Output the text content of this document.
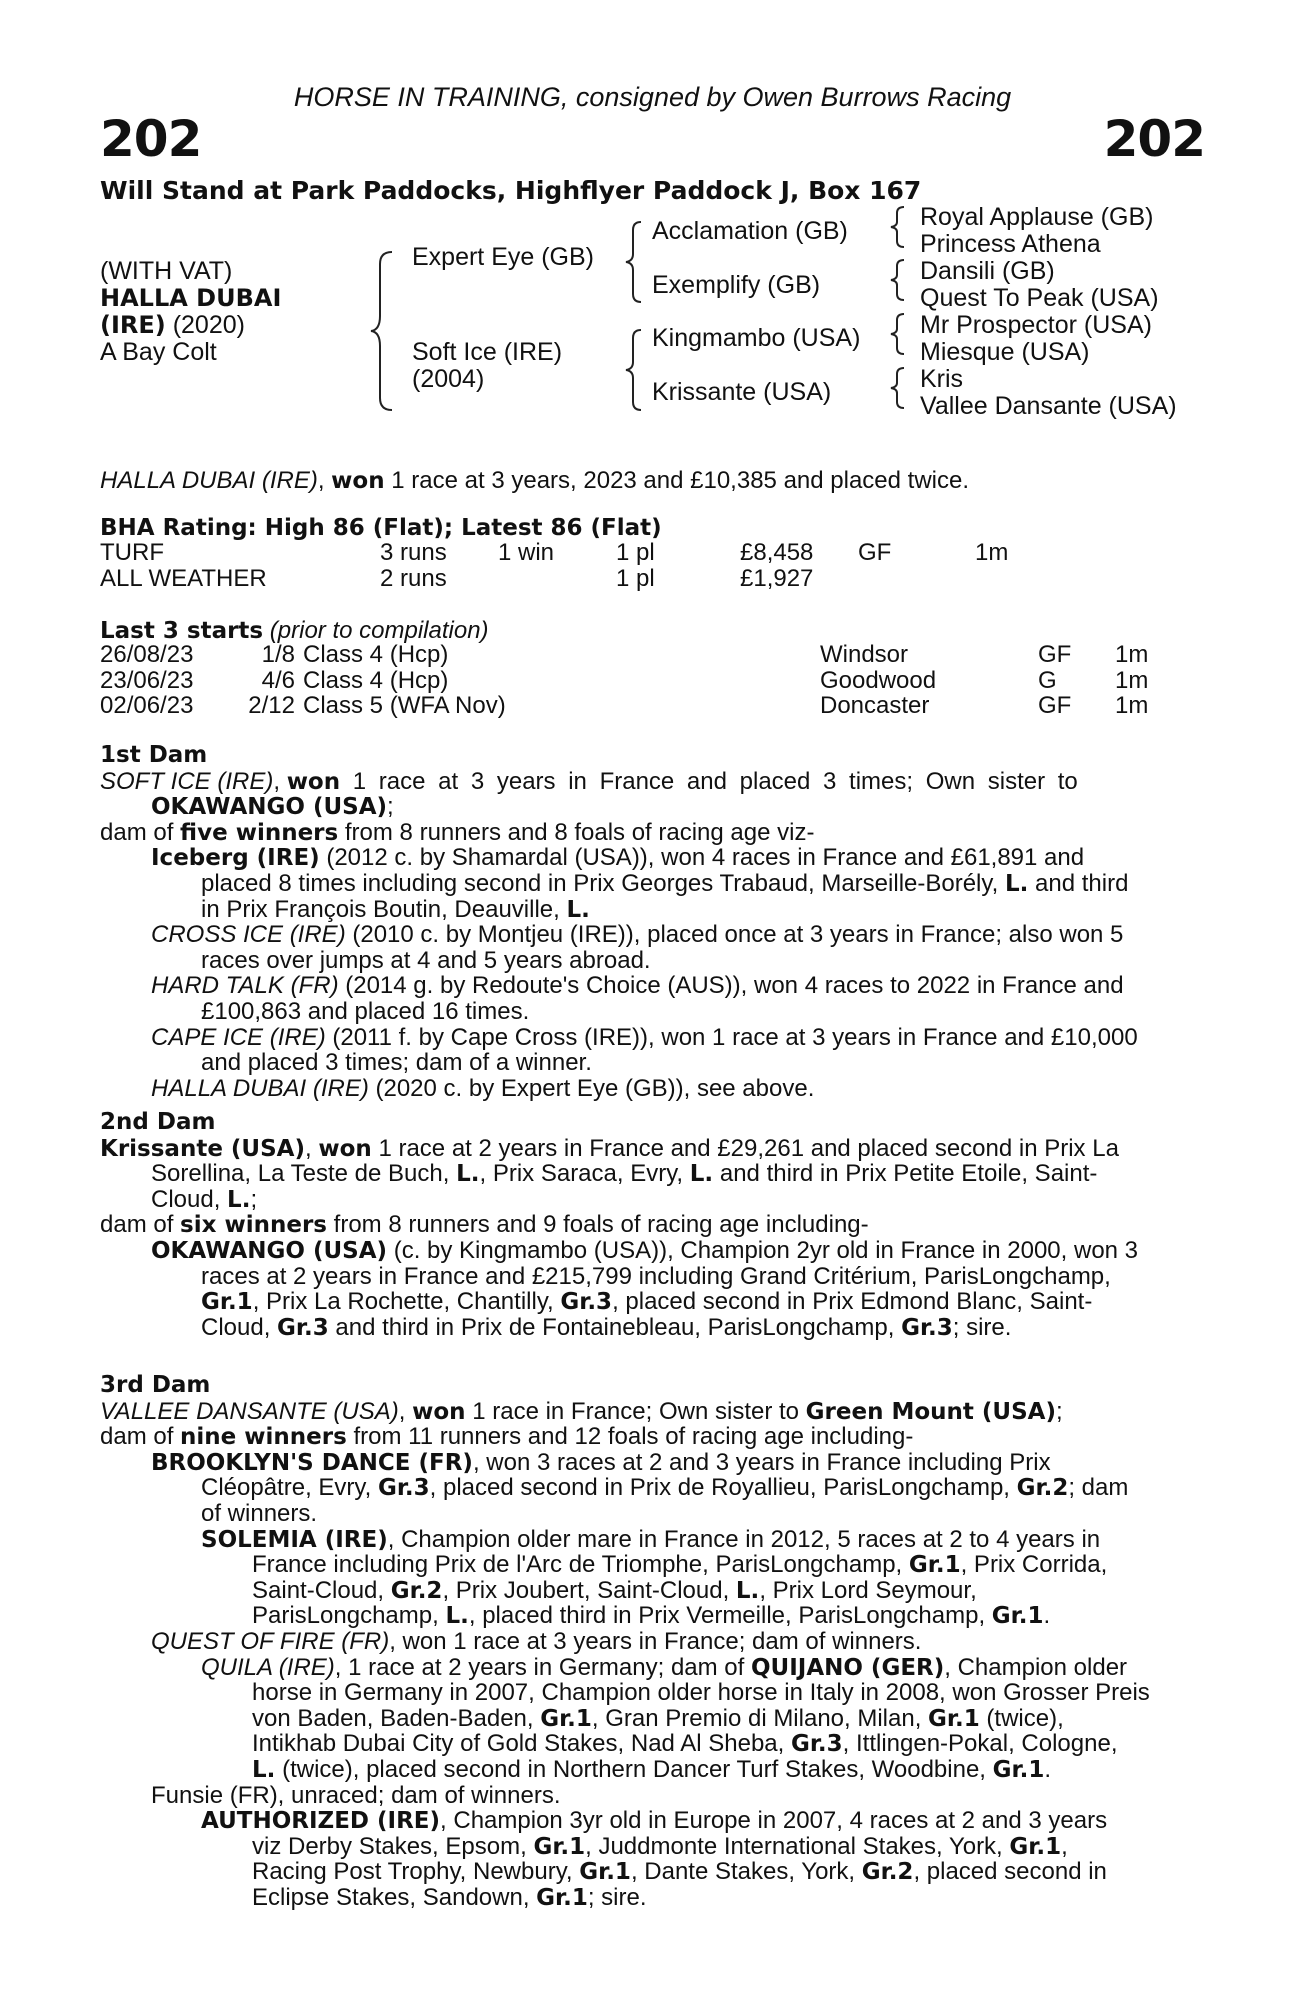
HORSE IN TRAINING, consigned by Owen Burrows Racing
202	202
Will Stand at Park Paddocks, Highflyer Paddock J, Box 167
(WITH VAT)
HALLA DUBAI
(IRE) (2020)
A Bay Colt
Expert Eye (GB)
Soft Ice (IRE)
(2004)
Acclamation (GB)
Exemplify (GB)
Kingmambo (USA)
Krissante (USA)
Royal Applause (GB)
Princess Athena
Dansili (GB)
Quest To Peak (USA)
Mr Prospector (USA)
Miesque (USA)
Kris
Vallee Dansante (USA)
HALLA DUBAI (IRE), won 1 race at 3 years, 2023 and £10,385 and placed twice.
BHA Rating: High 86 (Flat); Latest 86 (Flat)
TURF	3 runs 1 win	1 pl	£8,458 GF	1m
ALL WEATHER	2 runs	1 pl	£1,927
Last 3 starts (prior to compilation)
26/08/23	1/8 Class 4 (Hcp)	Windsor	GF 1m
23/06/23	4/6 Class 4 (Hcp)	Goodwood	G 1m
02/06/23	2/12 Class 5 (WFA Nov)	Doncaster	GF 1m
1st Dam
SOFT ICE (IRE), won 1 race at 3 years in France and placed 3 times; Own sister to
OKAWANGO (USA);
dam of five winners from 8 runners and 8 foals of racing age viz-
Iceberg (IRE) (2012 c. by Shamardal (USA)), won 4 races in France and £61,891 and
placed 8 times including second in Prix Georges Trabaud, Marseille-Borély, L. and third
in Prix François Boutin, Deauville, L.
CROSS ICE (IRE) (2010 c. by Montjeu (IRE)), placed once at 3 years in France; also won 5
races over jumps at 4 and 5 years abroad.
HARD TALK (FR) (2014 g. by Redoute's Choice (AUS)), won 4 races to 2022 in France and
£100,863 and placed 16 times.
CAPE ICE (IRE) (2011 f. by Cape Cross (IRE)), won 1 race at 3 years in France and £10,000
and placed 3 times; dam of a winner.
HALLA DUBAI (IRE) (2020 c. by Expert Eye (GB)), see above.
2nd Dam
Krissante (USA), won 1 race at 2 years in France and £29,261 and placed second in Prix La
Sorellina, La Teste de Buch, L., Prix Saraca, Evry, L. and third in Prix Petite Etoile, Saint-
Cloud, L.;
dam of six winners from 8 runners and 9 foals of racing age including-
OKAWANGO (USA) (c. by Kingmambo (USA)), Champion 2yr old in France in 2000, won 3
races at 2 years in France and £215,799 including Grand Critérium, ParisLongchamp,
Gr.1, Prix La Rochette, Chantilly, Gr.3, placed second in Prix Edmond Blanc, Saint-
Cloud, Gr.3 and third in Prix de Fontainebleau, ParisLongchamp, Gr.3; sire.
3rd Dam
VALLEE DANSANTE (USA), won 1 race in France; Own sister to Green Mount (USA);
dam of nine winners from 11 runners and 12 foals of racing age including-
BROOKLYN'S DANCE (FR), won 3 races at 2 and 3 years in France including Prix
Cléopâtre, Evry, Gr.3, placed second in Prix de Royallieu, ParisLongchamp, Gr.2; dam
of winners.
SOLEMIA (IRE), Champion older mare in France in 2012, 5 races at 2 to 4 years in
France including Prix de l'Arc de Triomphe, ParisLongchamp, Gr.1, Prix Corrida,
Saint-Cloud, Gr.2, Prix Joubert, Saint-Cloud, L., Prix Lord Seymour,
ParisLongchamp, L., placed third in Prix Vermeille, ParisLongchamp, Gr.1.
QUEST OF FIRE (FR), won 1 race at 3 years in France; dam of winners.
QUILA (IRE), 1 race at 2 years in Germany; dam of QUIJANO (GER), Champion older
horse in Germany in 2007, Champion older horse in Italy in 2008, won Grosser Preis
von Baden, Baden-Baden, Gr.1, Gran Premio di Milano, Milan, Gr.1 (twice),
Intikhab Dubai City of Gold Stakes, Nad Al Sheba, Gr.3, Ittlingen-Pokal, Cologne,
L. (twice), placed second in Northern Dancer Turf Stakes, Woodbine, Gr.1.
Funsie (FR), unraced; dam of winners.
AUTHORIZED (IRE), Champion 3yr old in Europe in 2007, 4 races at 2 and 3 years
viz Derby Stakes, Epsom, Gr.1, Juddmonte International Stakes, York, Gr.1,
Racing Post Trophy, Newbury, Gr.1, Dante Stakes, York, Gr.2, placed second in
Eclipse Stakes, Sandown, Gr.1; sire.
